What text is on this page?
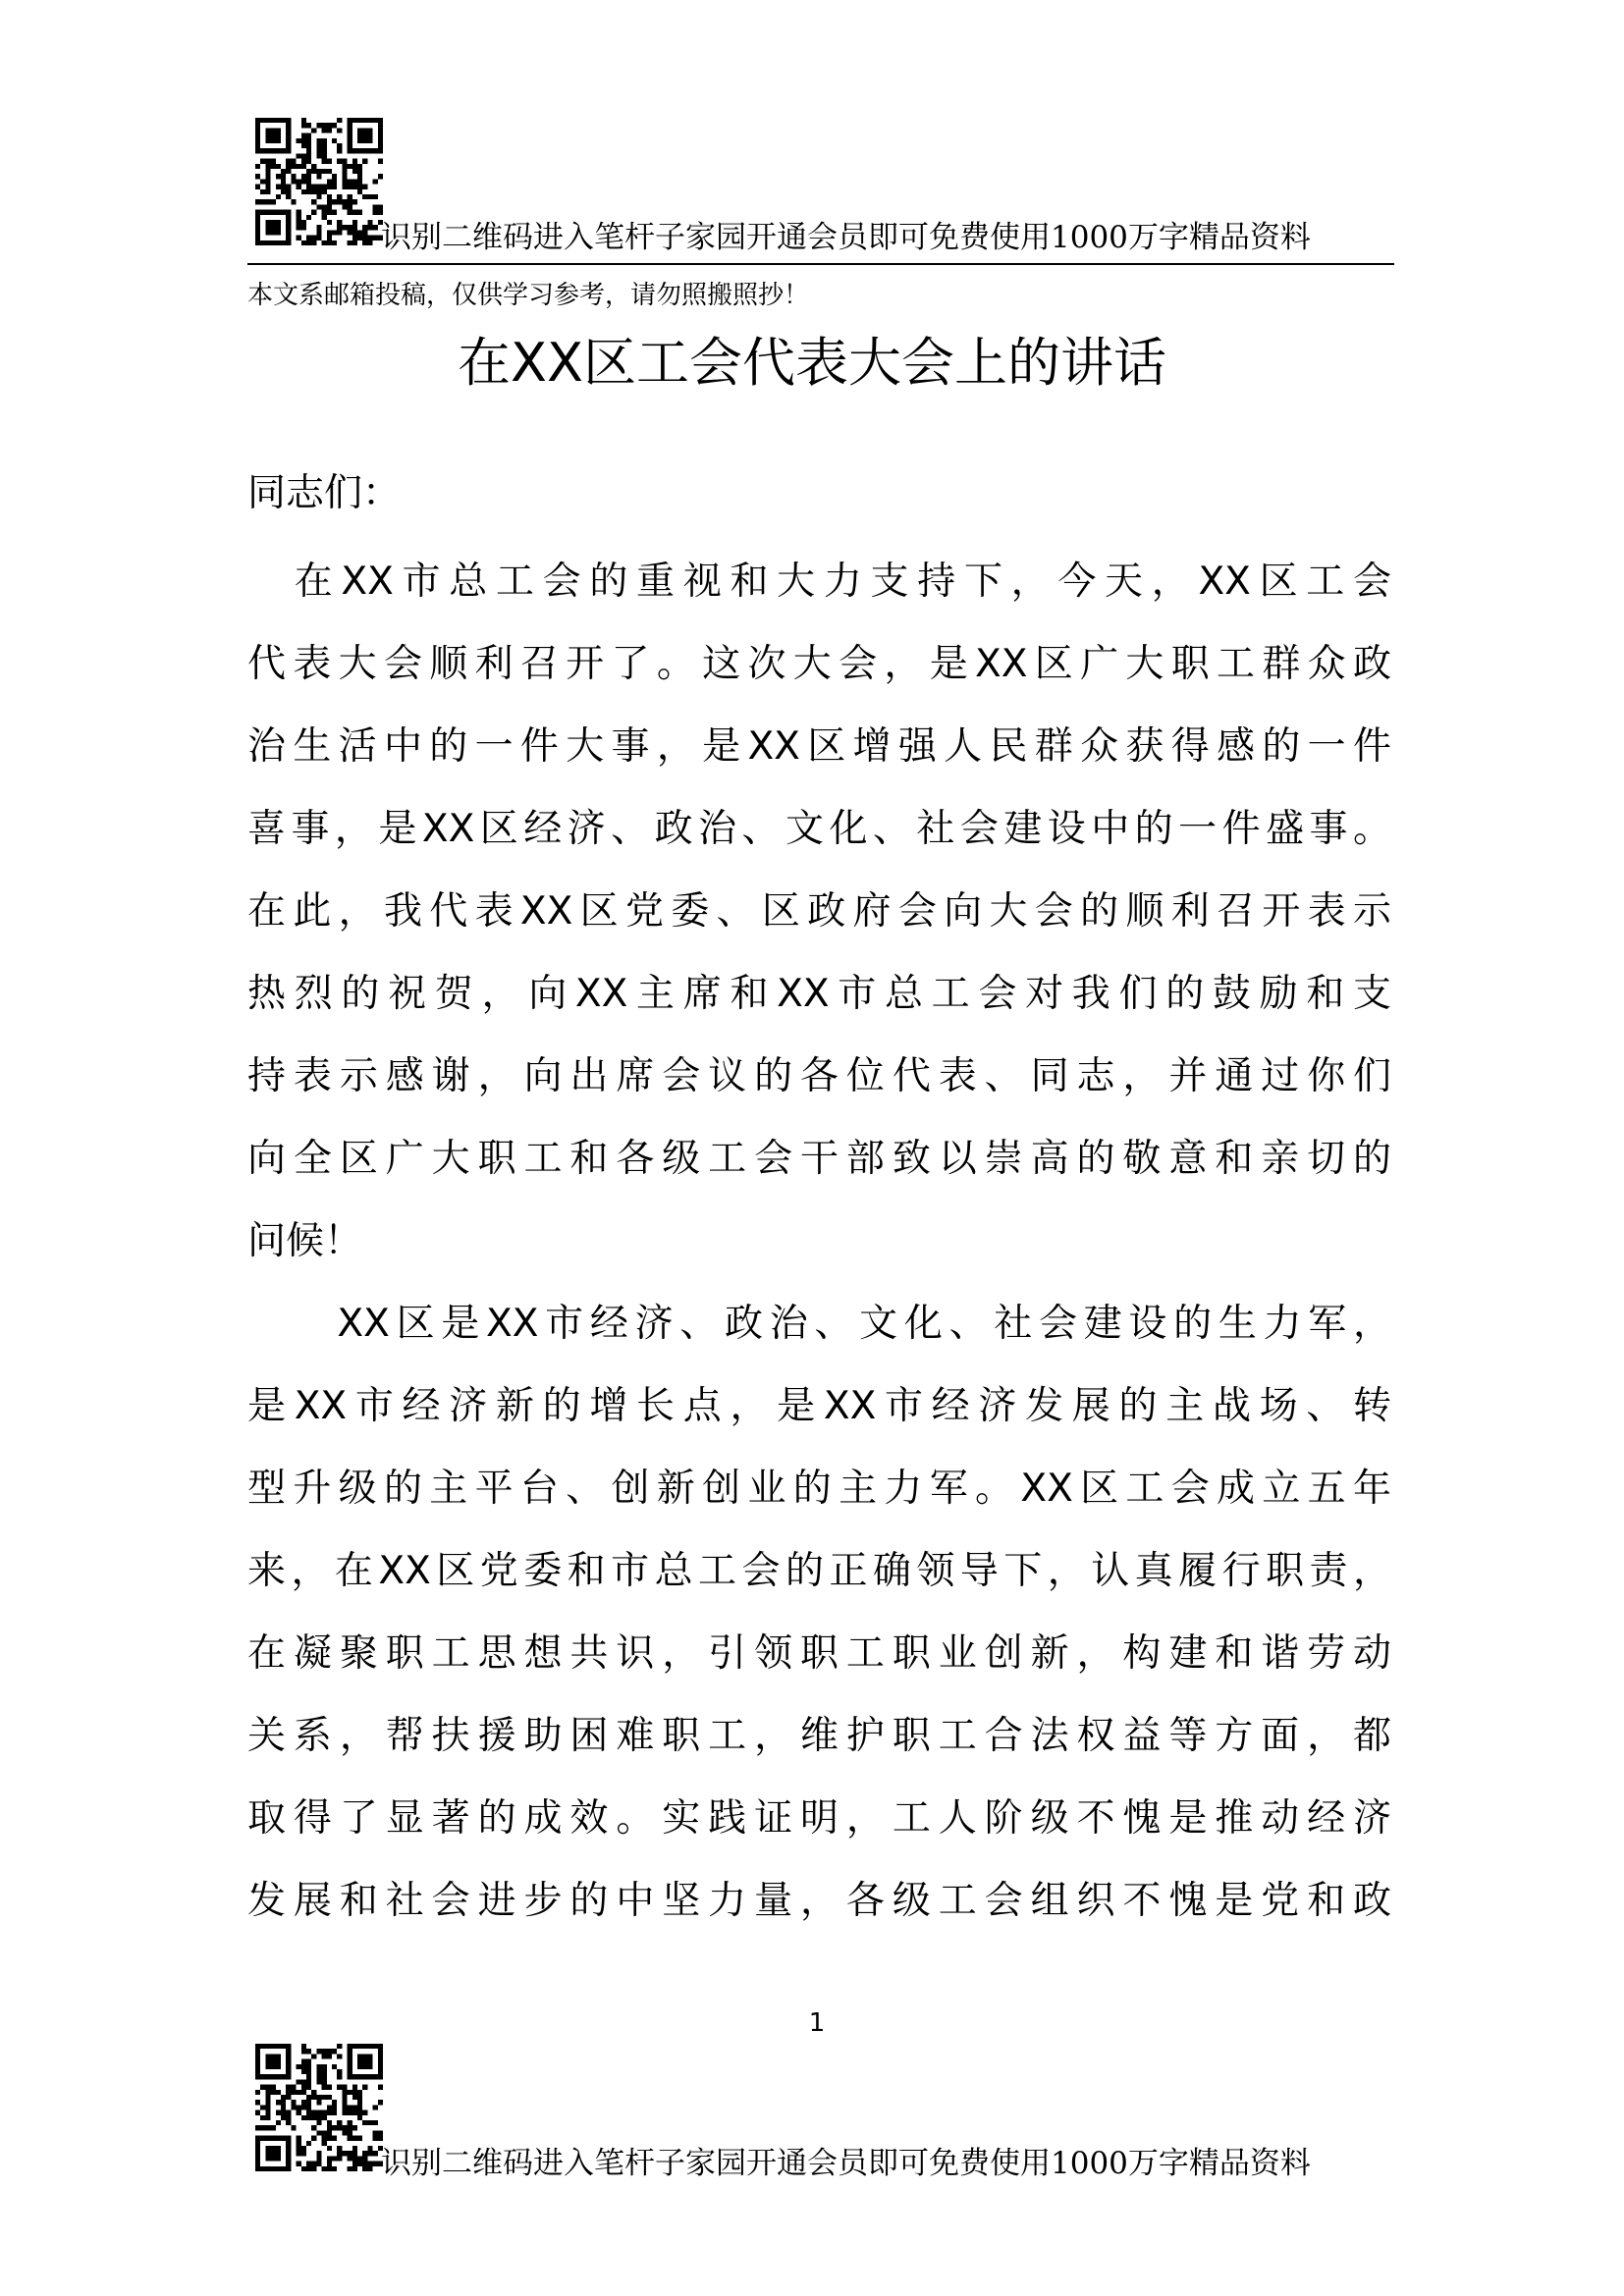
识别二维码进入笔杆子家园开通会员即可免费使用1000万字精品资料
本文系邮箱投稿，仅供学习参考，请勿照搬照抄！
在XX区工会代表大会上的讲话
同志们：
　在XX市总工会的重视和大力支持下，今天，XX区工会
代表大会顺利召开了。这次大会，是XX区广大职工群众政
治生活中的一件大事，是XX区增强人民群众获得感的一件
喜事，是XX区经济、政治、文化、社会建设中的一件盛事。
在此，我代表XX区党委、区政府会向大会的顺利召开表示
热烈的祝贺，向XX主席和XX市总工会对我们的鼓励和支
持表示感谢，向出席会议的各位代表、同志，并通过你们
向全区广大职工和各级工会干部致以崇高的敬意和亲切的
问候！
　　XX区是XX市经济、政治、文化、社会建设的生力军，
是XX市经济新的增长点，是XX市经济发展的主战场、转
型升级的主平台、创新创业的主力军。XX区工会成立五年
来，在XX区党委和市总工会的正确领导下，认真履行职责，
在凝聚职工思想共识，引领职工职业创新，构建和谐劳动
关系，帮扶援助困难职工，维护职工合法权益等方面，都
取得了显著的成效。实践证明，工人阶级不愧是推动经济
发展和社会进步的中坚力量，各级工会组织不愧是党和政
1
识别二维码进入笔杆子家园开通会员即可免费使用1000万字精品资料
